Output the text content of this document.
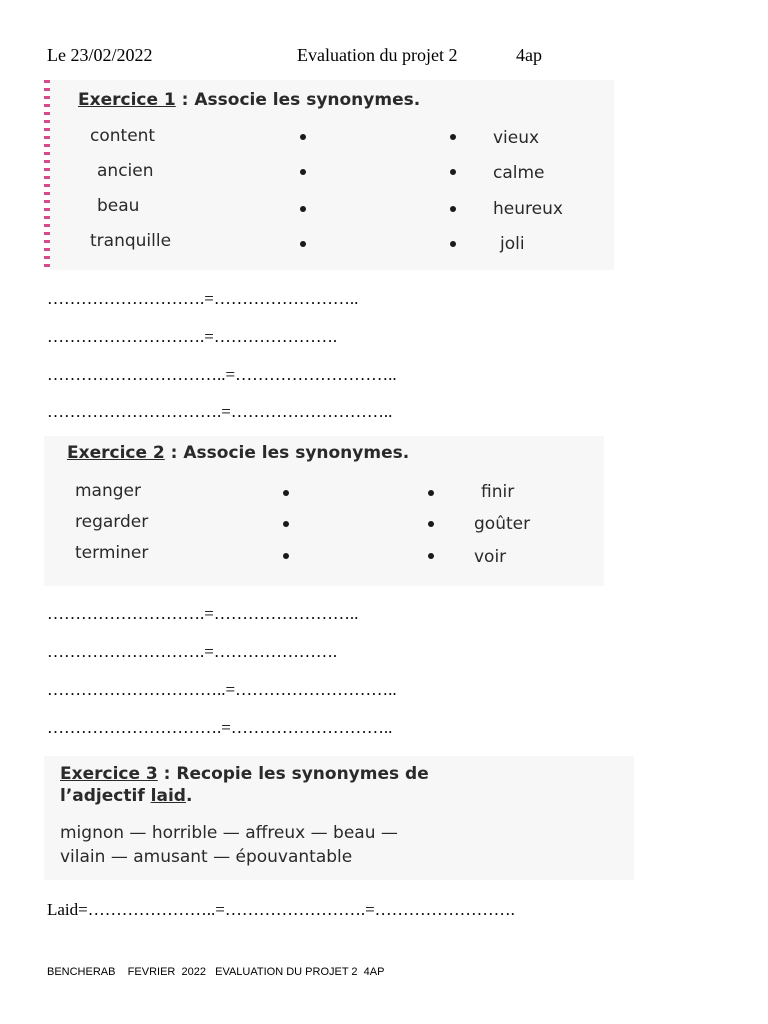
Le 23/02/2022	Evaluation du projet 2	4ap
Exercice 1 : Associe les synonymes.
content
ancien
beau
tranquille
vieux
calme
heureux
joli
……………………….=……………………..
……………………….=………………….
…………………………..=………………………..
………………………….=………………………..
Exercice 2 : Associe les synonymes.
manger
regarder
terminer
finir
goûter
voir
……………………….=……………………..
……………………….=………………….
…………………………..=………………………..
………………………….=………………………..
Exercice 3 : Recopie les synonymes de
l’adjectif laid.
mignon — horrible — affreux — beau —
vilain — amusant — épouvantable
Laid=…………………..=…………………….=…………………….
BENCHERAB    FEVRIER  2022   EVALUATION DU PROJET 2  4AP
